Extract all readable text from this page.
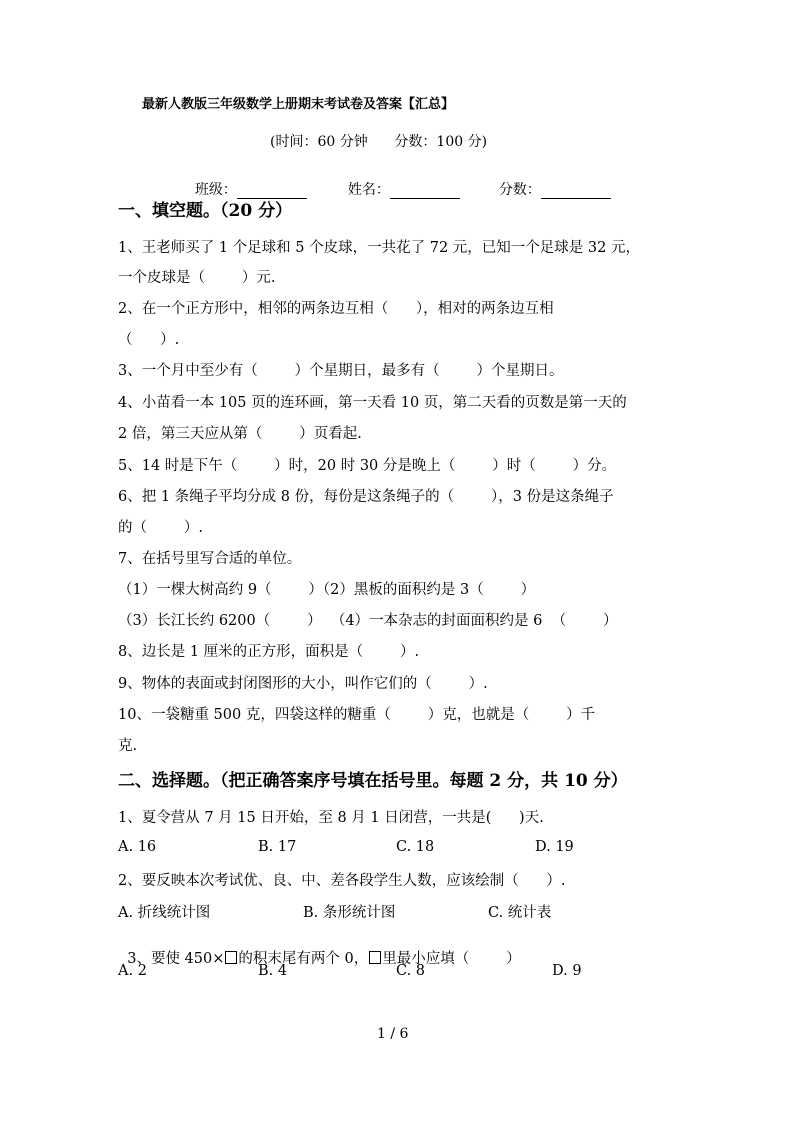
最新人教版三年级数学上册期末考试卷及答案【汇总】
(时间：60 分钟      分数：100 分)

班级：	姓名：	分数：

一、填空题。（20 分）
1、王老师买了 1 个足球和 5 个皮球，一共花了 72 元，已知一个足球是 32 元，
一个皮球是（        ）元.
2、在一个正方形中，相邻的两条边互相（      ），相对的两条边互相
（      ）.
3、一个月中至少有（        ）个星期日，最多有（        ）个星期日。
4、小苗看一本 105 页的连环画，第一天看 10 页，第二天看的页数是第一天的
2 倍，第三天应从第（        ）页看起.
5、14 时是下午（        ）时，20 时 30 分是晚上（        ）时（        ）分。
6、把 1 条绳子平均分成 8 份，每份是这条绳子的（        ），3 份是这条绳子
的（        ）.
7、在括号里写合适的单位。
（1）一棵大树高约 9（        ）（2）黑板的面积约是 3（        ）
（3）长江长约 6200（        ）  （4）一本杂志的封面面积约是 6  （        ）
8、边长是 1 厘米的正方形，面积是（        ）.
9、物体的表面或封闭图形的大小，叫作它们的（        ）.
10、一袋糖重 500 克，四袋这样的糖重（        ）克，也就是（        ）千
克.
二、选择题。（把正确答案序号填在括号里。每题 2 分，共 10 分）
1、夏令营从 7 月 15 日开始，至 8 月 1 日闭营，一共是(      )天.
A. 16	B. 17	C. 18	D. 19
2、要反映本次考试优、良、中、差各段学生人数，应该绘制（      ）.
A. 折线统计图	B. 条形统计图	C. 统计表

3、要使 450× 的积末尾有两个 0， 里最小应填（        ）

A. 2	B. 4	C. 8	D. 9
1 / 6
